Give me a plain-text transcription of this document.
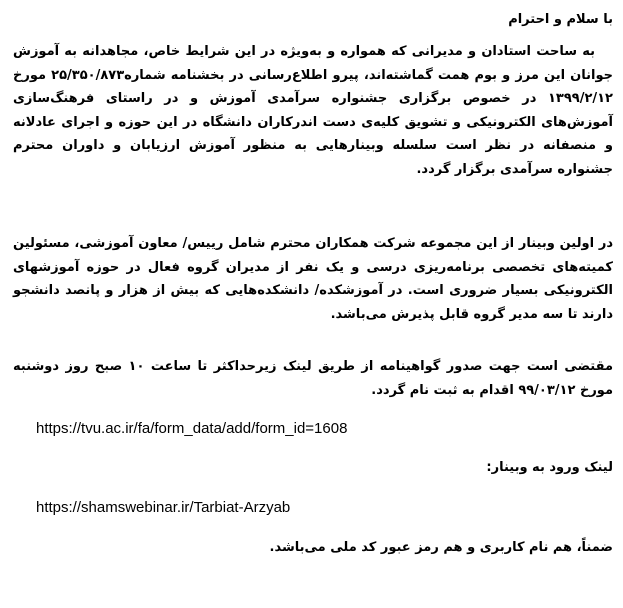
با سلام و احترام
به ساحت استادان و مدیرانی که همواره و به‌ویژه در این شرایط خاص، مجاهدانه به آموزش جوانان این مرز و بوم همت گماشته‌اند، پیرو اطلاع‌رسانی در بخشنامه شماره۲۵/۳۵۰/۸۷۳ مورخ ۱۳۹۹/۲/۱۲ در خصوص برگزاری جشنواره سرآمدی آموزش و در راستای فرهنگ‌سازی آموزش‌های الکترونیکی و تشویق کلیه‌ی دست اندرکاران دانشگاه در این حوزه و اجرای عادلانه و منصفانه در نظر است سلسله وبینارهایی به منظور آموزش ارزیابان و داوران محترم جشنواره سرآمدی برگزار گردد.
در اولین وبینار از این مجموعه شرکت همکاران محترم شامل رییس/ معاون آموزشی، مسئولین کمیته‌های تخصصی برنامه‌ریزی درسی و یک نفر از مدیران گروه فعال در حوزه آموزشهای الکترونیکی بسیار ضروری است. در آموزشکده/ دانشکده‌هایی که بیش از هزار و پانصد دانشجو دارند تا سه مدیر گروه قابل پذیرش می‌باشد.
مقتضی است جهت صدور گواهینامه از طریق لینک زیرحداکثر تا ساعت ۱۰ صبح روز دوشنبه مورخ ۹۹/۰۳/۱۲ اقدام به ثبت نام گردد.
https://tvu.ac.ir/fa/form_data/add/form_id=1608
لینک ورود به وبینار:
https://shamswebinar.ir/Tarbiat-Arzyab
ضمناً، هم نام کاربری و هم رمز عبور کد ملی می‌باشد.
